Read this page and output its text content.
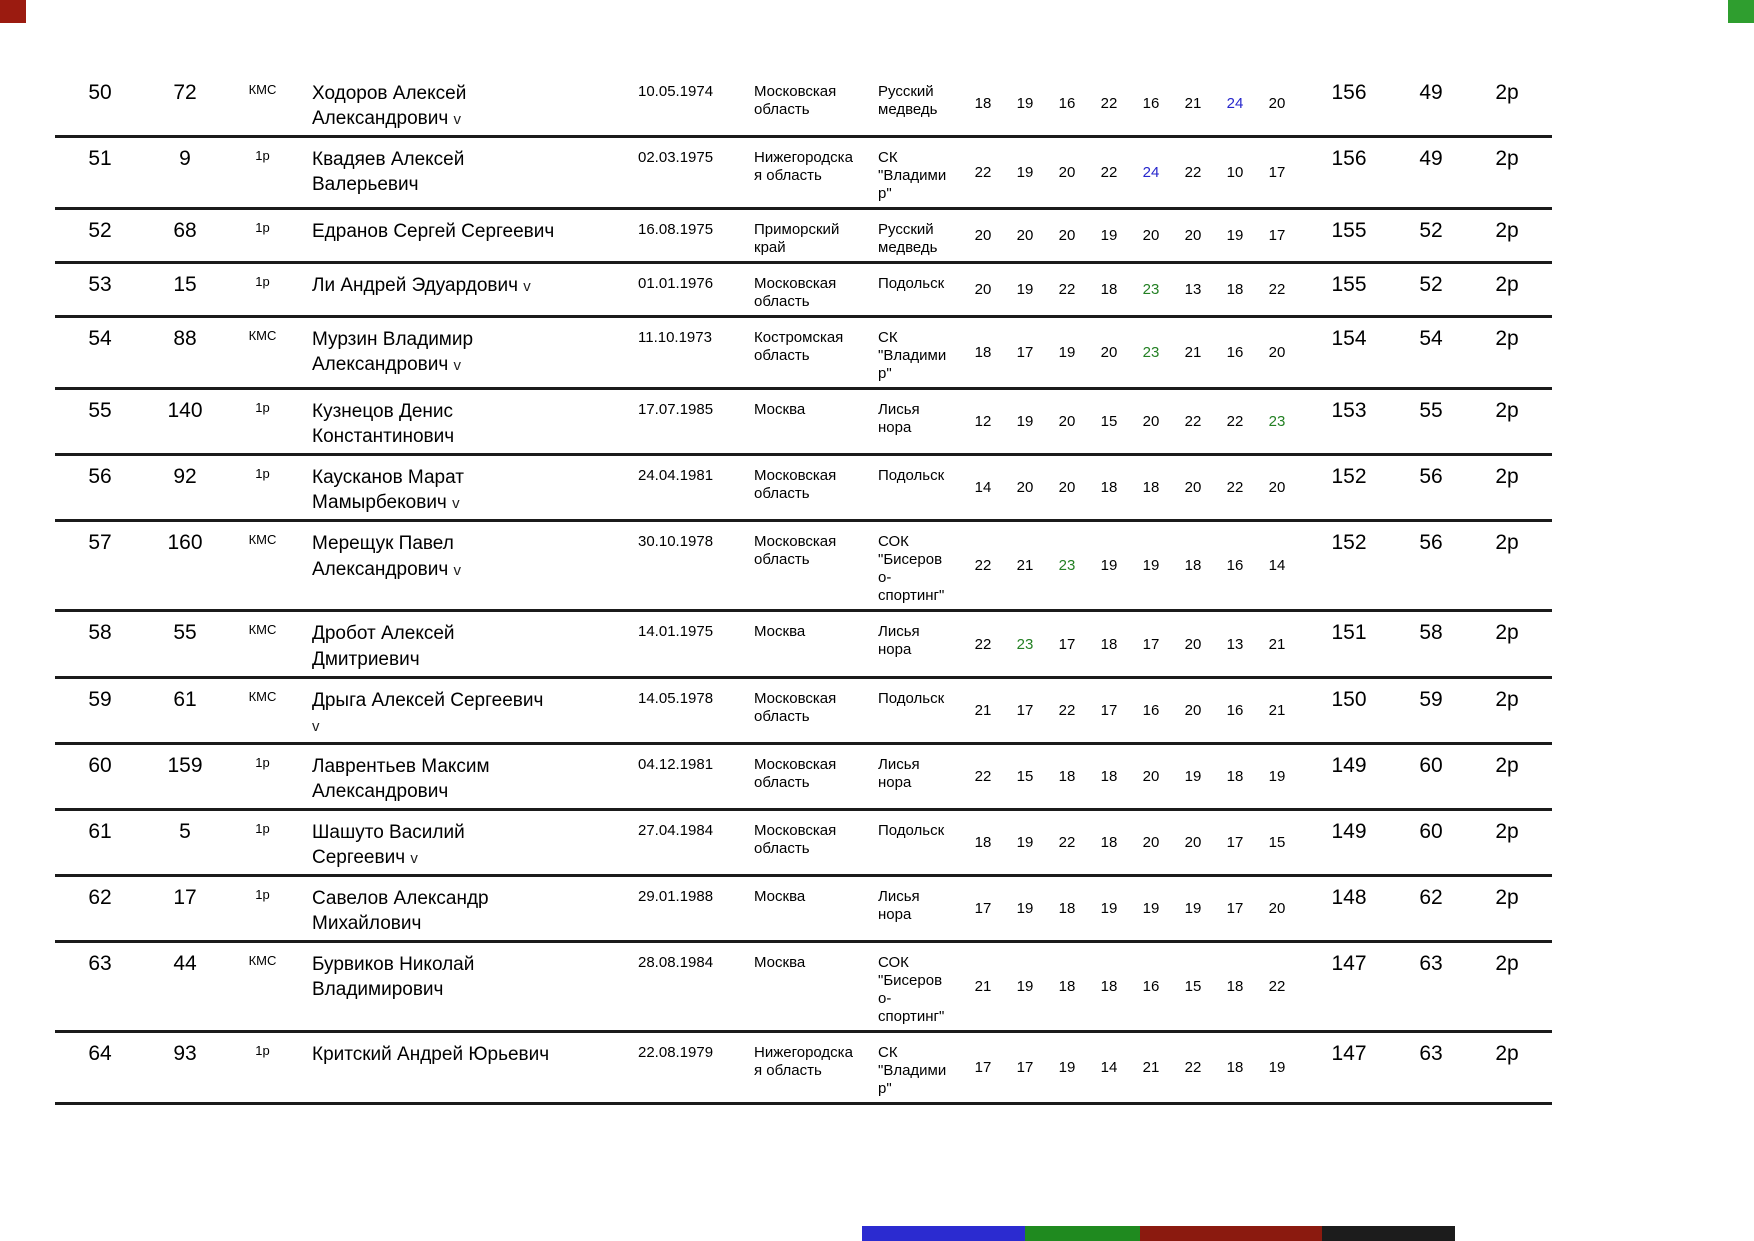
50	72	КМС	Ходоров Алексей Александрович v	10.05.1974	Московская область	Русский медведь	18	19	16	22	16	21	24	20	156	49	2р
51	9	1р	Квадяев Алексей Валерьевич	02.03.1975	Нижегородская область	СК "Владимир"	22	19	20	22	24	22	10	17	156	49	2р
52	68	1р	Едранов Сергей Сергеевич	16.08.1975	Приморский край	Русский медведь	20	20	20	19	20	20	19	17	155	52	2р
53	15	1р	Ли Андрей Эдуардович v	01.01.1976	Московская область	Подольск	20	19	22	18	23	13	18	22	155	52	2р
54	88	КМС	Мурзин Владимир Александрович v	11.10.1973	Костромская область	СК "Владимир"	18	17	19	20	23	21	16	20	154	54	2р
55	140	1р	Кузнецов Денис Константинович	17.07.1985	Москва	Лисья нора	12	19	20	15	20	22	22	23	153	55	2р
56	92	1р	Каусканов Марат Мамырбекович v	24.04.1981	Московская область	Подольск	14	20	20	18	18	20	22	20	152	56	2р
57	160	КМС	Мерещук Павел Александрович v	30.10.1978	Московская область	СОК "Бисерово-спортинг"	22	21	23	19	19	18	16	14	152	56	2р
58	55	КМС	Дробот Алексей Дмитриевич	14.01.1975	Москва	Лисья нора	22	23	17	18	17	20	13	21	151	58	2р
59	61	КМС	Дрыга Алексей Сергеевич v	14.05.1978	Московская область	Подольск	21	17	22	17	16	20	16	21	150	59	2р
60	159	1р	Лаврентьев Максим Александрович	04.12.1981	Московская область	Лисья нора	22	15	18	18	20	19	18	19	149	60	2р
61	5	1р	Шашуто Василий Сергеевич v	27.04.1984	Московская область	Подольск	18	19	22	18	20	20	17	15	149	60	2р
62	17	1р	Савелов Александр Михайлович	29.01.1988	Москва	Лисья нора	17	19	18	19	19	19	17	20	148	62	2р
63	44	КМС	Бурвиков Николай Владимирович	28.08.1984	Москва	СОК "Бисерово-спортинг"	21	19	18	18	16	15	18	22	147	63	2р
64	93	1р	Критский Андрей Юрьевич	22.08.1979	Нижегородская область	СК "Владимир"	17	17	19	14	21	22	18	19	147	63	2р
